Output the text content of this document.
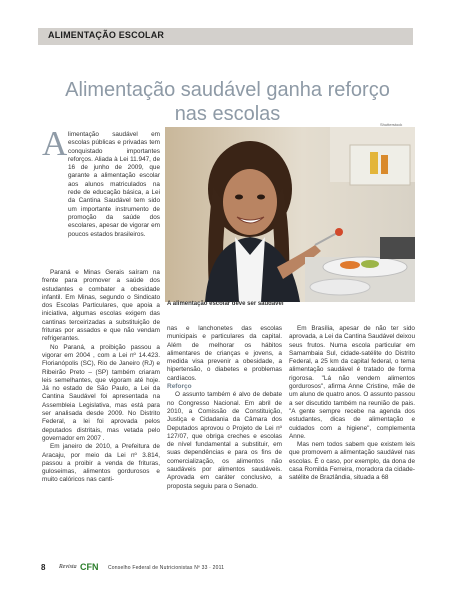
ALIMENTAÇÃO ESCOLAR
Alimentação saudável ganha reforço nas escolas	Shutterstock
A alimentação escolar deve ser saudável
A limentação saudável em escolas públicas e privadas tem conquistado importantes reforços. Aliada à Lei 11.947, de 16 de junho de 2009, que garante a alimentação escolar aos alunos matriculados na rede de educação básica, a Lei da Cantina Saudável tem sido um importante instrumento de promoção da saúde dos escolares, apesar de vigorar em poucos estados brasileiros.

Paraná e Minas Gerais saíram na frente para promover a saúde dos estudantes e combater a obesidade infantil. Em Minas, segundo o Sindicato dos Escolas Particulares, que apoia a iniciativa, algumas escolas exigem das cantinas terceirizadas a substituição de frituras por assados e que não vendam refrigerantes.

No Paraná, a proibição passou a vigorar em 2004 , com a Lei nº 14.423. Florianópolis (SC), Rio de Janeiro (RJ) e Ribeirão Preto – (SP) também criaram leis semelhantes, que vigoram até hoje. Já no estado de São Paulo, a Lei da Cantina Saudável foi apresentada na Assembleia Legislativa, mas está para ser analisada desde 2009. No Distrito Federal, a lei foi aprovada pelos deputados distritais, mas vetada pelo governador em 2007 .

Em janeiro de 2010, a Prefeitura de Aracaju, por meio da Lei nº 3.814, passou a proibir a venda de frituras, guloseimas, alimentos gordurosos e muito calóricos nas canti-

nas e lanchonetes das escolas municipais e particulares da capital. Além de melhorar os hábitos alimentares de crianças e jovens, a medida visa prevenir a obesidade, a hipertensão, o diabetes e problemas cardíacos.

Reforço

O assunto também é alvo de debate no Congresso Nacional. Em abril de 2010, a Comissão de Constituição, Justiça e Cidadania da Câmara dos Deputados aprovou o Projeto de Lei nº 127/07, que obriga creches e escolas de nível fundamental a substituir, em suas dependências e para os fins de comercialização, os alimentos não saudáveis por alimentos saudáveis. Aprovada em caráter conclusivo, a proposta seguiu para o Senado.

Em Brasília, apesar de não ter sido aprovada, a Lei da Cantina Saudável deixou seus frutos. Numa escola particular em Samambaia Sul, cidade-satélite do Distrito Federal, a 25 km da capital federal, o tema alimentação saudável é tratado de forma rigorosa. "Lá não vendem alimentos gordurosos", afirma Anne Cristine, mãe de um aluno de quatro anos. O assunto passou a ser discutido também na reunião de pais. "A gente sempre recebe na agenda dos estudantes, dicas de alimentação e cuidados com a higiene", complementa Anne.

Mas nem todos sabem que existem leis que promovem a alimentação saudável nas escolas. É o caso, por exemplo, da dona de casa Romilda Ferreira, moradora da cidade-satélite de Brazlândia, situada a 68

8 Revista CFN Conselho Federal de Nutricionistas Nº 33 · 2011
